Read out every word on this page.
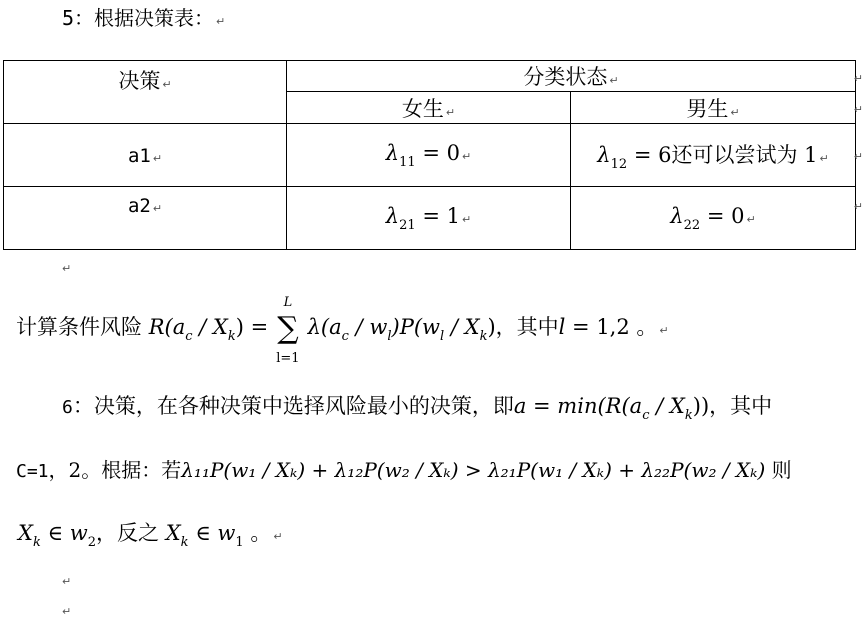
5：根据决策表： ↵
决策 ↵	分类状态 ↵	
	女生 ↵	男生 ↵
a1 ↵	$\lambda_{11} = 0$ ↵	$\lambda_{12} = 6$还可以尝试为 1 ↵
a2 ↵	$\lambda_{21} = 1$ ↵	$\lambda_{22} = 0$ ↵
↵
↵
↵
↵
↵
计算条件风险 $R(a_c / X_k)$ =
L
∑
l=1
$\lambda(a_c / w_l)P(w_l / X_k)$，其中l = 1,2 。 ↵
6：决策，在各种决策中选择风险最小的决策，即$a = \min(R(a_c / X_k))$，其中
C=1，2。根据：若λ₁₁P(w₁ / Xₖ) + λ₁₂P(w₂ / Xₖ) > λ₂₁P(w₁ / Xₖ) + λ₂₂P(w₂ / Xₖ) 则
$X_k$ ∈ $w_2$，反之 $X_k$ ∈ $w_1$ 。 ↵
↵
↵
